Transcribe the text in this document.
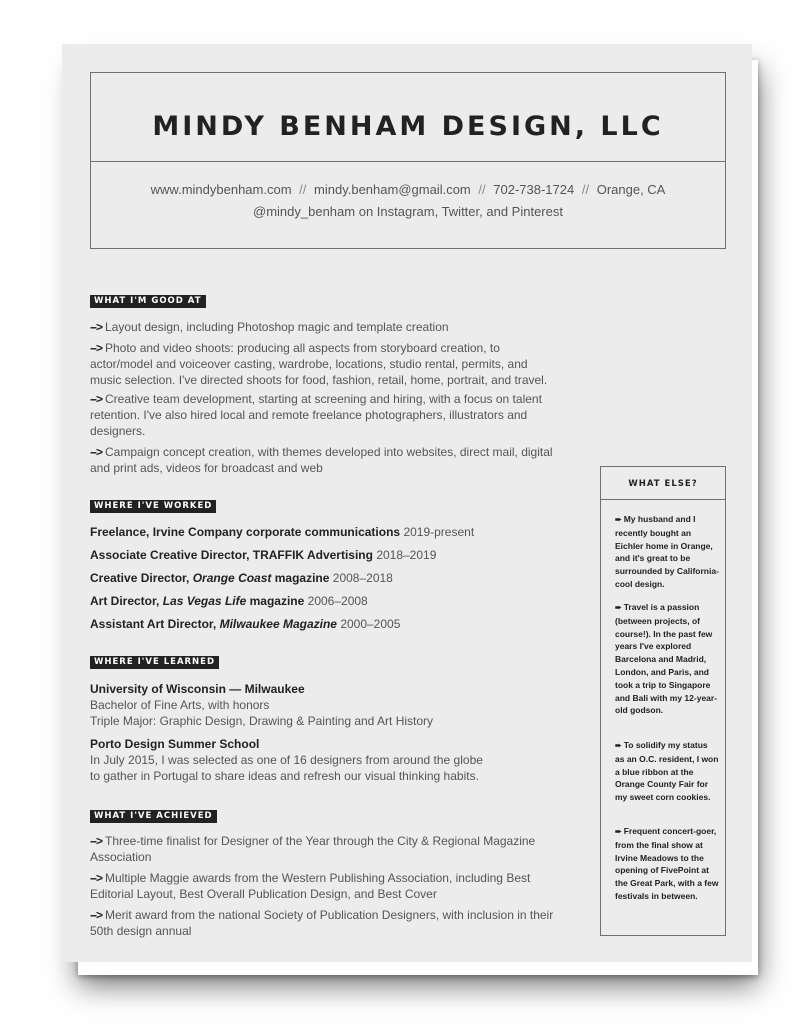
MINDY BENHAM DESIGN, LLC
www.mindybenham.com // mindy.benham@gmail.com // 702-738-1724 // Orange, CA
@mindy_benham on Instagram, Twitter, and Pinterest
WHAT I'M GOOD AT
--> Layout design, including Photoshop magic and template creation
--> Photo and video shoots: producing all aspects from storyboard creation, to actor/model and voiceover casting, wardrobe, locations, studio rental, permits, and music selection. I've directed shoots for food, fashion, retail, home, portrait, and travel.
--> Creative team development, starting at screening and hiring, with a focus on talent retention. I've also hired local and remote freelance photographers, illustrators and designers.
--> Campaign concept creation, with themes developed into websites, direct mail, digital and print ads, videos for broadcast and web
WHERE I'VE WORKED
Freelance, Irvine Company corporate communications 2019-present
Associate Creative Director, TRAFFIK Advertising 2018–2019
Creative Director, Orange Coast magazine 2008–2018
Art Director, Las Vegas Life magazine 2006–2008
Assistant Art Director, Milwaukee Magazine 2000–2005
WHERE I'VE LEARNED
University of Wisconsin — Milwaukee
Bachelor of Fine Arts, with honors
Triple Major: Graphic Design, Drawing & Painting and Art History
Porto Design Summer School
In July 2015, I was selected as one of 16 designers from around the globe
to gather in Portugal to share ideas and refresh our visual thinking habits.
WHAT I'VE ACHIEVED
--> Three-time finalist for Designer of the Year through the City & Regional Magazine Association
--> Multiple Maggie awards from the Western Publishing Association, including Best Editorial Layout, Best Overall Publication Design, and Best Cover
--> Merit award from the national Society of Publication Designers, with inclusion in their 50th design annual
WHAT ELSE?
➨ My husband and I recently bought an Eichler home in Orange, and it's great to be surrounded by California-cool design.
➨ Travel is a passion (between projects, of course!). In the past few years I've explored Barcelona and Madrid, London, and Paris, and took a trip to Singapore and Bali with my 12-year-old godson.
➨ To solidify my status as an O.C. resident, I won a blue ribbon at the Orange County Fair for my sweet corn cookies.
➨ Frequent concert-goer, from the final show at Irvine Meadows to the opening of FivePoint at the Great Park, with a few festivals in between.
